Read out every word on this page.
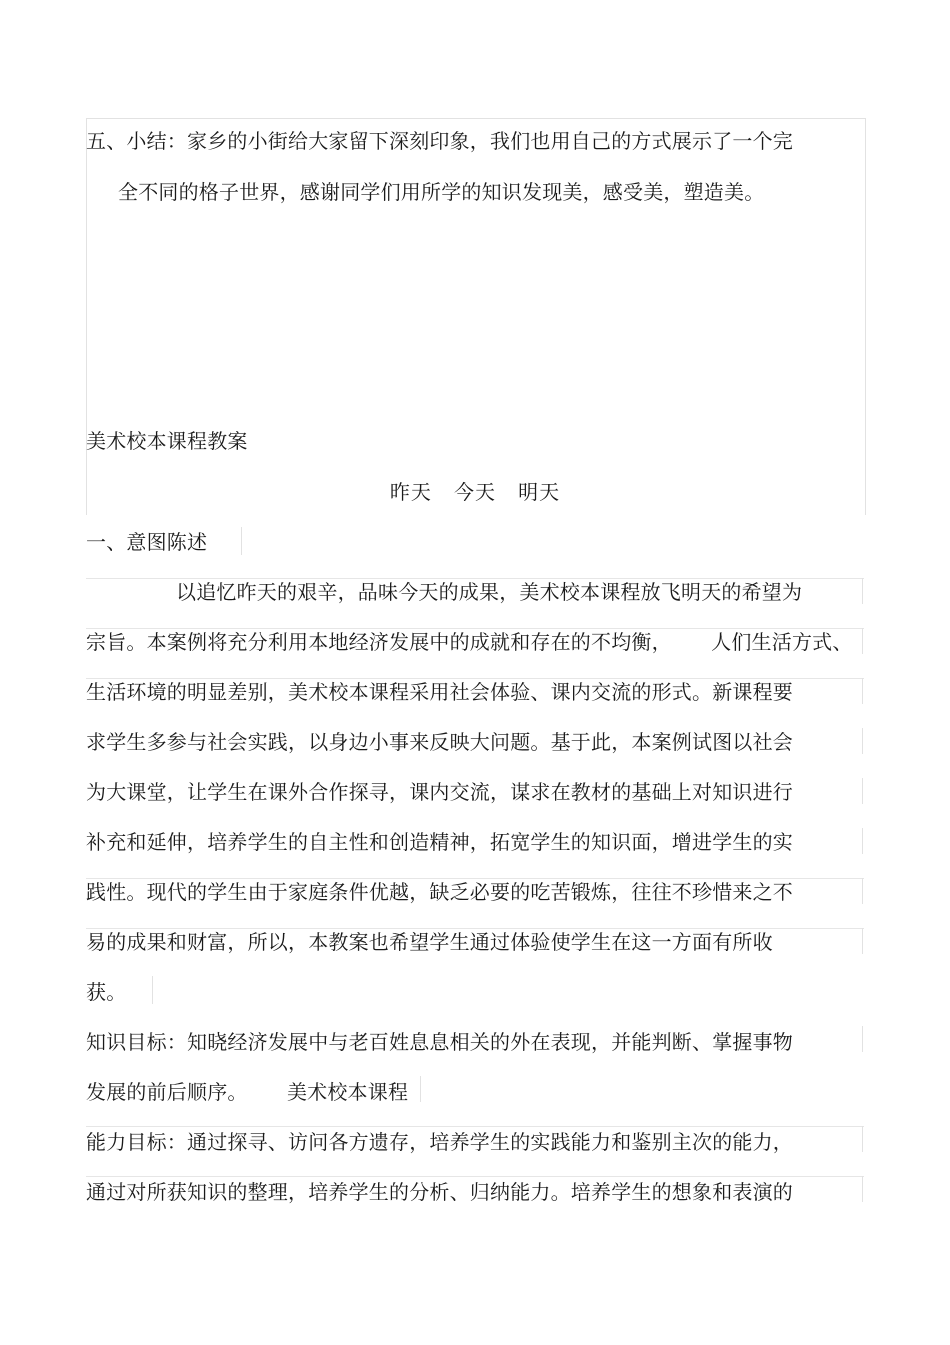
五、小结：家乡的小街给大家留下深刻印象，我们也用自己的方式展示了一个完
全不同的格子世界，感谢同学们用所学的知识发现美，感受美，塑造美。
美术校本课程教案
昨天   今天   明天
一、意图陈述
以追忆昨天的艰辛，品味今天的成果，美术校本课程放飞明天的希望为
宗旨。本案例将充分利用本地经济发展中的成就和存在的不均衡，      人们生活方式、
生活环境的明显差别，美术校本课程采用社会体验、课内交流的形式。新课程要
求学生多参与社会实践，以身边小事来反映大问题。基于此，本案例试图以社会
为大课堂，让学生在课外合作探寻，课内交流，谋求在教材的基础上对知识进行
补充和延伸，培养学生的自主性和创造精神，拓宽学生的知识面，增进学生的实
践性。现代的学生由于家庭条件优越，缺乏必要的吃苦锻炼，往往不珍惜来之不
易的成果和财富，所以，本教案也希望学生通过体验使学生在这一方面有所收
获。
知识目标：知晓经济发展中与老百姓息息相关的外在表现，并能判断、掌握事物
发展的前后顺序。      美术校本课程
能力目标：通过探寻、访问各方遗存，培养学生的实践能力和鉴别主次的能力，
通过对所获知识的整理，培养学生的分析、归纳能力。培养学生的想象和表演的
